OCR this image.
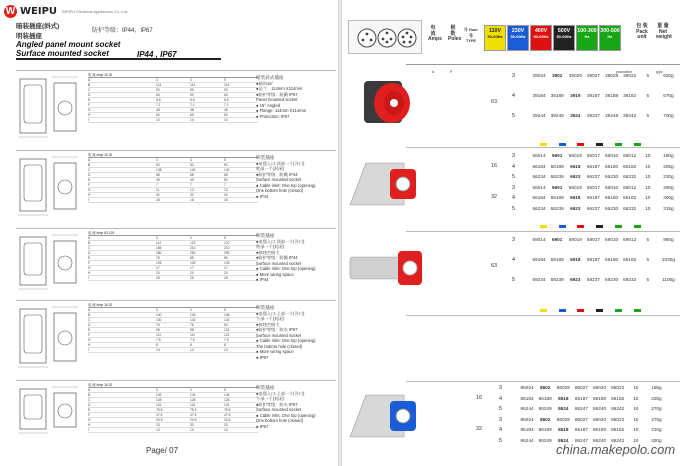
W WEIPU WEIPU Electrical Appliances Co.,Ltd.
暗装插座(斜式)
明装插座
防护等级：IP44、IP67
Angled panel mount socket
Surface mounted socket	IP44 , IP67
电 流 Amp 16 32
A	3	4	5
B	114	114	114
C	90	90	90
D	60	60	60
E	5.5	5.5	5.5
F	7.1	7.1	7.1
G	48	48	48
H	60	60	60
I	10	10	10
暗装斜式插座
●倾斜15°
●法兰：114mm X114mm
●防护等级：防溅 IP67
Panel mounted socket
● 15° Angled
● Flange: 114mm X114mm
● Protection: IP67
电 流 Amp 16 32
A	3	4	5
B	84	84	84
C	138	140	140
D	68	68	68
E	49	49	53
F	7	7	7
G	11	13	13
H	32	32	32
I	18	18	18
明装插座
●电缆入口:顶部一个(开口)
底部一个(封闭)
●防护等级：防溅 IP44
Surface mounted socket
● Cable inlet: One top (opening)
One bottom hole (closed)
● IP44
电 流 Amp 63 125
A	3	4	5
B	112	122	122
C	185	210	210
D	280	290	290
E	75	85	85
F	125	125	125
G	17	17	17
H	20	20	20
I	25	25	25
明装插座
●电缆入口:顶部一个(开口)
底部一个(封闭)
●接线空间大
●防护等级：防溅 IP44
Surface mounted socket
● Cable inlet: One top (opening)
● More wiring space
● IP44
电 流 Amp 16 32
A	3	4	5
B	140	140	148
C	130	142	142
D	76	76	84
E	98	98	102
F	111	111	121
G	7.5	7.5	7.5
H	8	8	8
I	14	14	14
明装插座
●电缆入口:上部一个(开口)
下部一个(封闭)
●接线空间大
●防护等级：防水 IP67
Surface mounted socket
● Cable inlet: One top (opening)
The bottom hole (closed)
● More wiring space
● IP67
电 流 Amp 16 32
A	3	4	5
B	143	143	143
C	128	128	128
D	101	101	101
E	75.5	75.5	75.5
F	47.5	47.5	47.5
G	20.5	20.5	20.5
H	33	33	33
I	10	10	10
明装插座
●电缆入口:上部一个(开口)
下部一个(封闭)
●防护等级：防水 IP67
Surface mounted socket
● Cable inlet: One top (opening)
One bottom hole (closed)
● IP67
Page/ 07
电 流 Amps
极 数 Poles
计 Hour 号 TYPE
110V
50-60Hz
230V
50-60Hz
400V
50-60Hz
500V
50-60Hz
100-300
Hz
300-500
Hz
包 装 Pack unit
重 量 Net weight
A	P	pcs/carton	g/pc
63
3	39024	3902	39029	39027	39028	39022	5	620g
4	39184	39189	3919	39187	39188	39182	5	670g
5	39244	39249	3924	39247	39248	39242	5	700g
16
32
3	66014	6601	66019	66017	66010	66012	10	180g
4	66184	66189	6618	66187	66180	66182	10	205g
5	66234	66239	6623	66237	66230	66232	10	230g
3	66014	6601	66019	66017	66010	66012	10	290g
4	66184	66189	6618	66187	66180	66182	10	300g
5	66234	66239	6623	66237	66230	66232	10	315g
63
3	69014	6901	69019	69017	69010	69012	5	980g
4	69184	69189	6918	69187	69180	69182	5	1030g
5	69234	69239	6923	69237	69230	69232	5	1100g
16
32
3	86024	8602	86029	86027	86020	86022	10	195g
4	86184	86189	8618	86187	86180	86182	10	220g
5	86244	86249	8624	86247	86240	86242	10	270g
3	86024	8602	86029	86027	86020	86022	10	275g
4	86184	86189	8618	86187	86180	86182	10	310g
5	86244	86249	8624	86247	86240	86242	10	320g
china.makepolo.com
